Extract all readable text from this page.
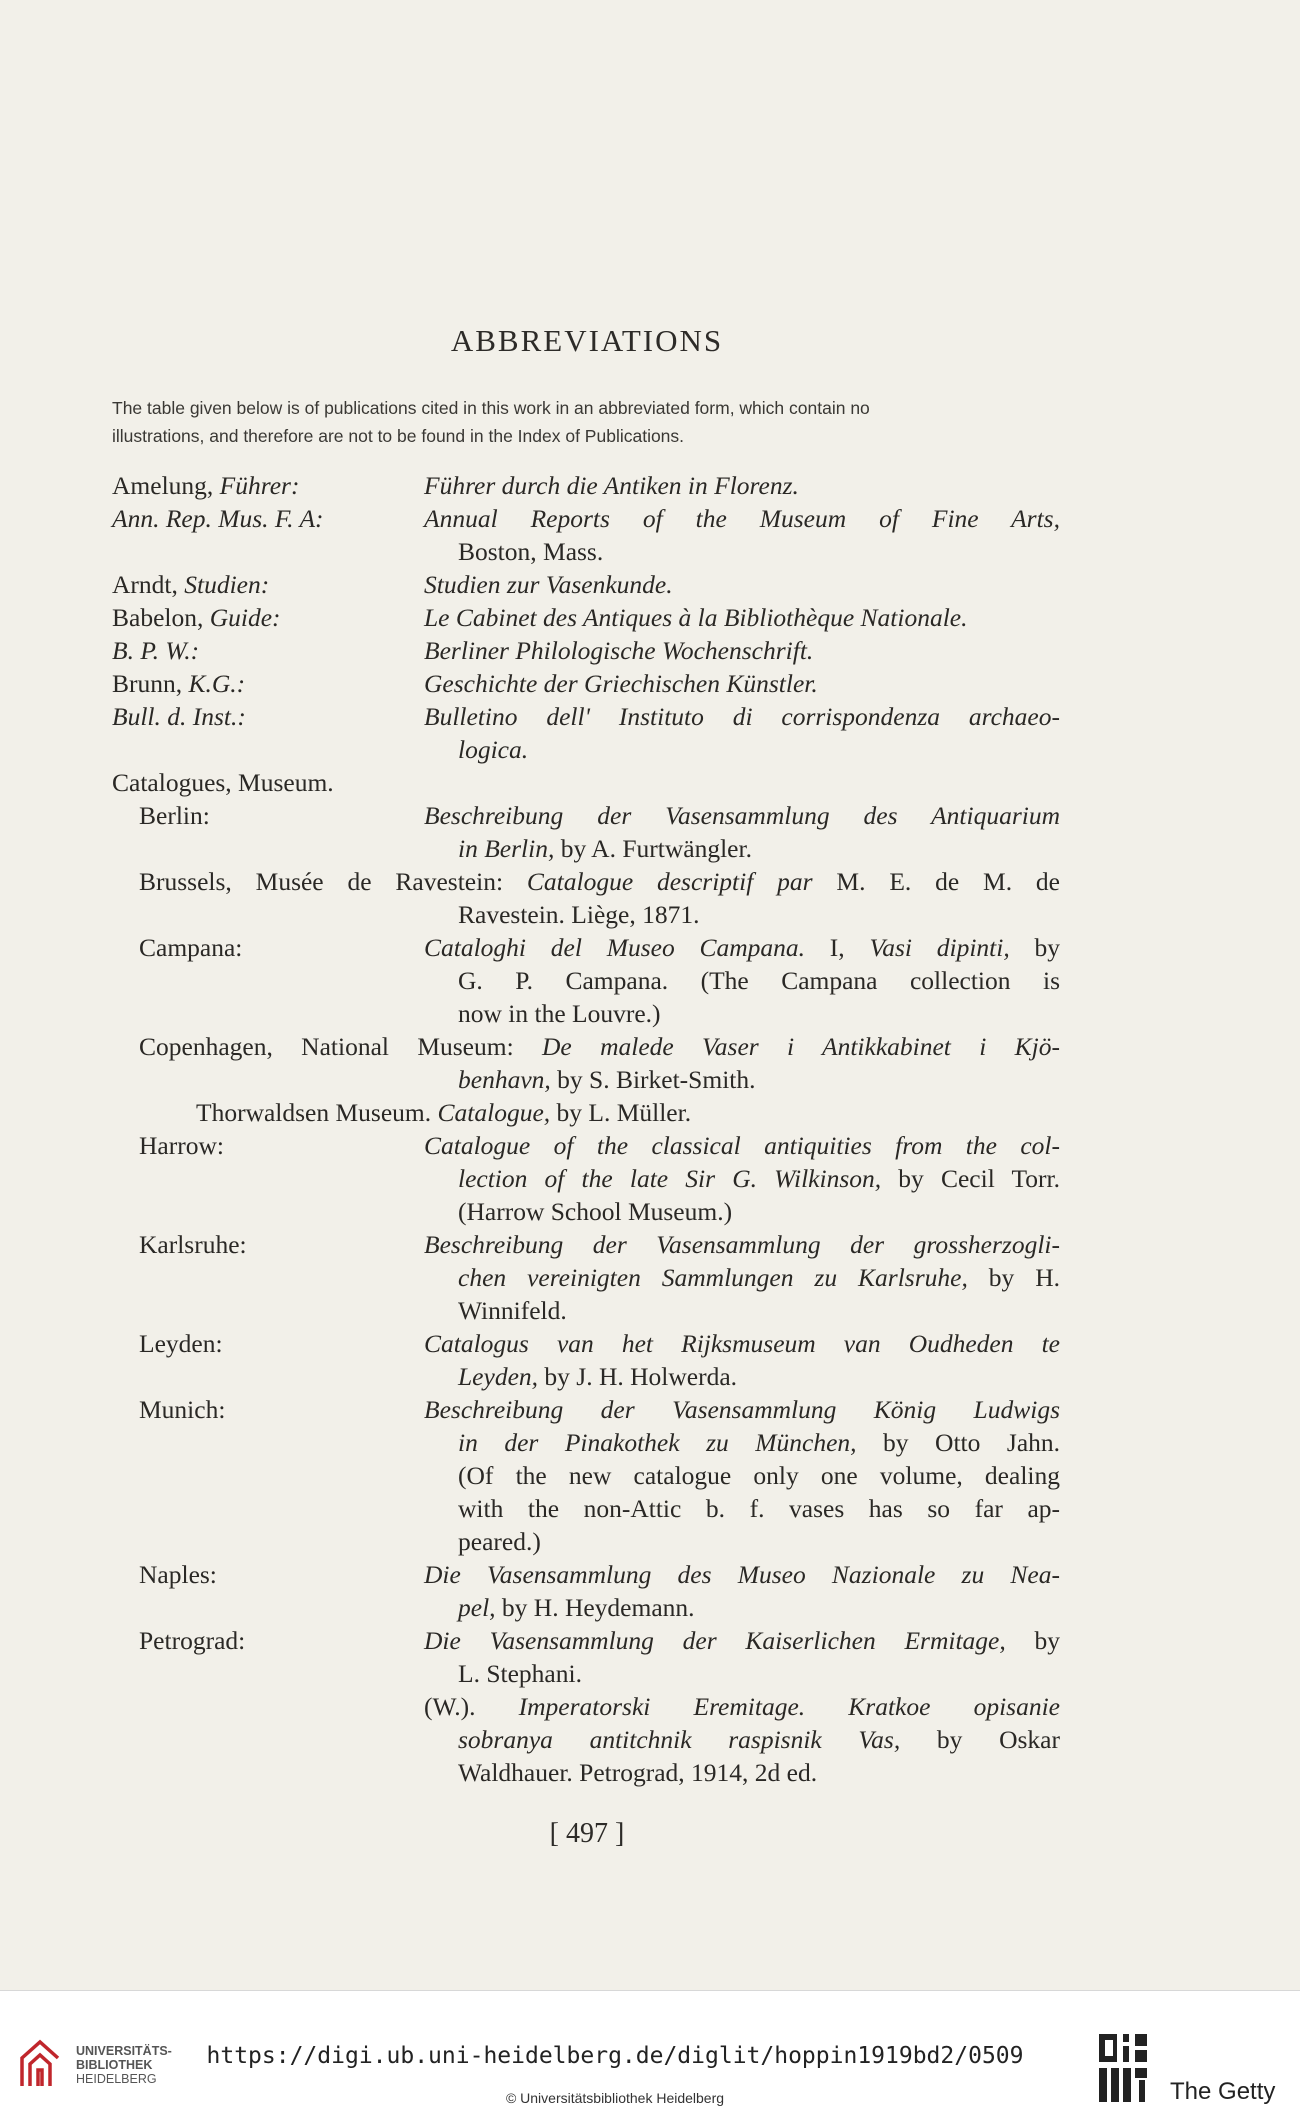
ABBREVIATIONS
The table given below is of publications cited in this work in an abbreviated form, which contain no
illustrations, and therefore are not to be found in the Index of Publications.
Amelung, Führer:	Führer durch die Antiken in Florenz.
Ann. Rep. Mus. F. A:	Annual Reports of the Museum of Fine Arts,
Boston, Mass.
Arndt, Studien:	Studien zur Vasenkunde.
Babelon, Guide:	Le Cabinet des Antiques à la Bibliothèque Nationale.
B. P. W.:	Berliner Philologische Wochenschrift.
Brunn, K.G.:	Geschichte der Griechischen Künstler.
Bull. d. Inst.:	Bulletino dell' Instituto di corrispondenza archaeo-
logica.
Catalogues, Museum.
Berlin:	Beschreibung der Vasensammlung des Antiquarium
in Berlin, by A. Furtwängler.
Brussels, Musée de Ravestein: Catalogue descriptif par M. E. de M. de
Ravestein. Liège, 1871.
Campana:	Cataloghi del Museo Campana. I, Vasi dipinti, by
G. P. Campana. (The Campana collection is
now in the Louvre.)
Copenhagen, National Museum: De malede Vaser i Antikkabinet i Kjö-
benhavn, by S. Birket-Smith.
Thorwaldsen Museum. Catalogue, by L. Müller.
Harrow:	Catalogue of the classical antiquities from the col-
lection of the late Sir G. Wilkinson, by Cecil Torr.
(Harrow School Museum.)
Karlsruhe:	Beschreibung der Vasensammlung der grossherzogli-
chen vereinigten Sammlungen zu Karlsruhe, by H.
Winnifeld.
Leyden:	Catalogus van het Rijksmuseum van Oudheden te
Leyden, by J. H. Holwerda.
Munich:	Beschreibung der Vasensammlung König Ludwigs
in der Pinakothek zu München, by Otto Jahn.
(Of the new catalogue only one volume, dealing
with the non-Attic b. f. vases has so far ap-
peared.)
Naples:	Die Vasensammlung des Museo Nazionale zu Nea-
pel, by H. Heydemann.
Petrograd:	Die Vasensammlung der Kaiserlichen Ermitage, by
L. Stephani.
(W.). Imperatorski Eremitage. Kratkoe opisanie
sobranya antitchnik raspisnik Vas, by Oskar
Waldhauer. Petrograd, 1914, 2d ed.
[ 497 ]
UNIVERSITÄTS-
BIBLIOTHEK
HEIDELBERG
https://digi.ub.uni-heidelberg.de/diglit/hoppin1919bd2/0509
© Universitätsbibliothek Heidelberg	The Getty
